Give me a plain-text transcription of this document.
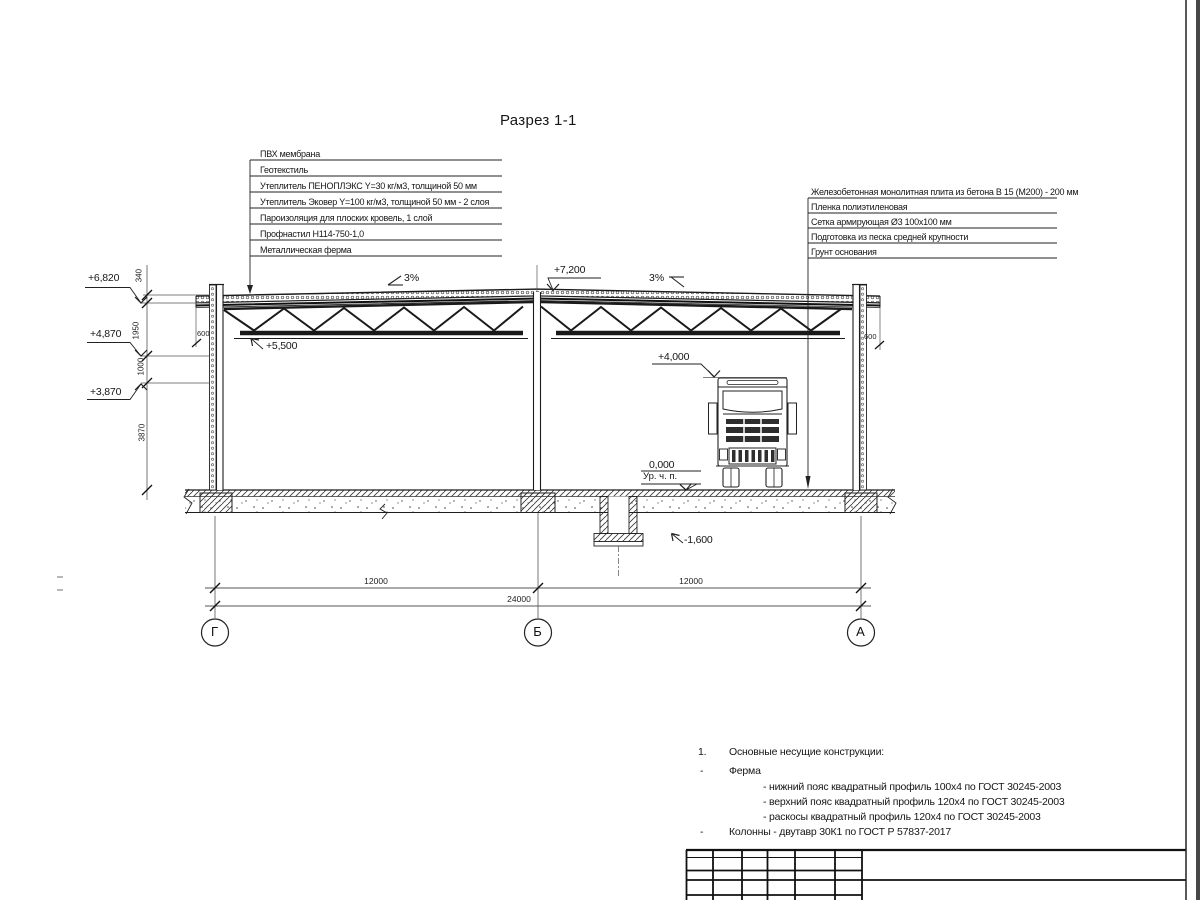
Разрез 1-1
ПВХ мембрана
Геотекстиль
Утеплитель ПЕНОПЛЭКС Y=30 кг/м3, толщиной 50 мм
Утеплитель Эковер Y=100 кг/м3, толщиной 50 мм - 2 слоя
Пароизоляция для плоских кровель, 1 слой
Профнастил Н114-750-1,0
Металлическая ферма
Железобетонная монолитная плита из бетона В 15 (М200) - 200 мм
Пленка полиэтиленовая
Сетка армирующая Ø3 100х100 мм
Подготовка из песка средней крупности
Грунт основания
+6,820
+4,870
+3,870
+7,200
+5,500
+4,000
0,000
Ур. ч. п.
-1,600
3%	3%
340
1950
1000
3870
600	600
12000	12000
24000
Г	Б	А
1. Основные несущие конструкции:
- Ферма
- нижний пояс квадратный профиль 100х4 по ГОСТ 30245-2003
- верхний пояс квадратный профиль 120х4 по ГОСТ 30245-2003
- раскосы квадратный профиль 120х4 по ГОСТ 30245-2003
- Колонны - двутавр 30К1 по ГОСТ Р 57837-2017
